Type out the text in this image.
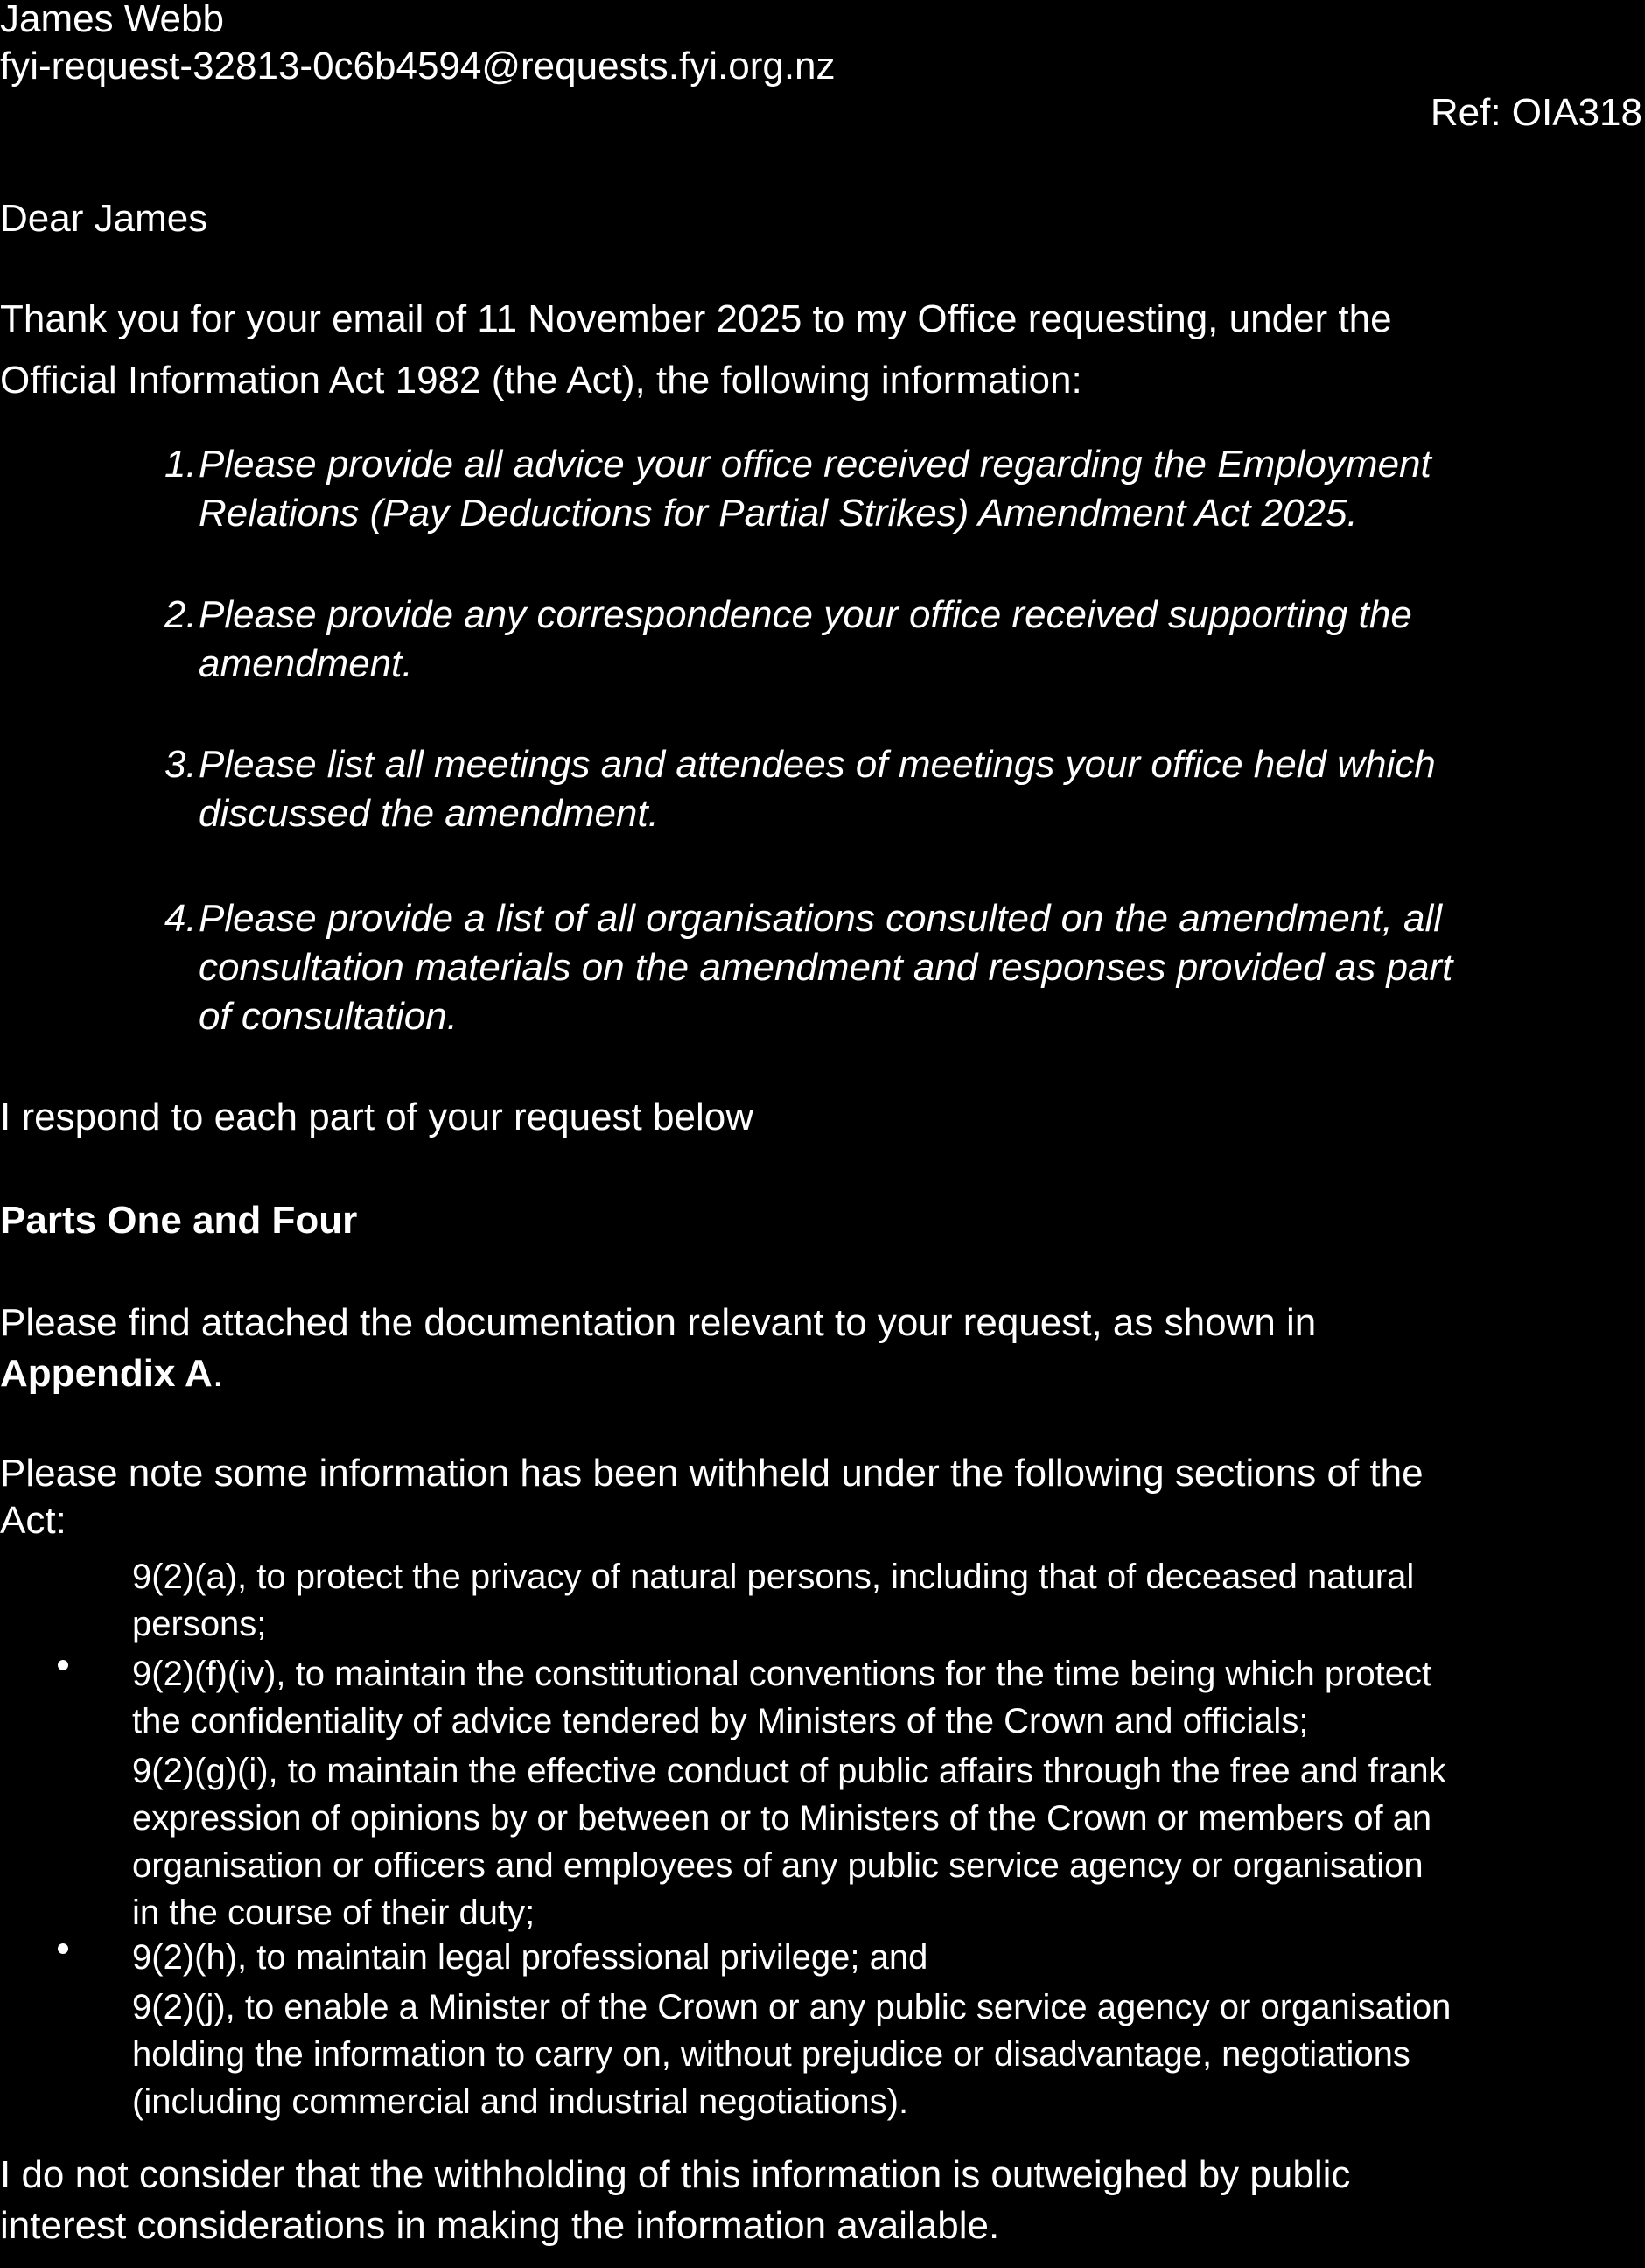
James Webb
fyi-request-32813-0c6b4594@requests.fyi.org.nz
Ref: OIA318
Dear James
Thank you for your email of 11 November 2025 to my Office requesting, under the
Official Information Act 1982 (the Act), the following information:
1. Please provide all advice your office received regarding the Employment
Relations (Pay Deductions for Partial Strikes) Amendment Act 2025.
2. Please provide any correspondence your office received supporting the
amendment.
3. Please list all meetings and attendees of meetings your office held which
discussed the amendment.
4. Please provide a list of all organisations consulted on the amendment, all
consultation materials on the amendment and responses provided as part
of consultation.
I respond to each part of your request below
Parts One and Four
Please find attached the documentation relevant to your request, as shown in
Appendix A.
Please note some information has been withheld under the following sections of the
Act:
9(2)(a), to protect the privacy of natural persons, including that of deceased natural
persons;
9(2)(f)(iv), to maintain the constitutional conventions for the time being which protect
the confidentiality of advice tendered by Ministers of the Crown and officials;
9(2)(g)(i), to maintain the effective conduct of public affairs through the free and frank
expression of opinions by or between or to Ministers of the Crown or members of an
organisation or officers and employees of any public service agency or organisation
in the course of their duty;
9(2)(h), to maintain legal professional privilege; and
9(2)(j), to enable a Minister of the Crown or any public service agency or organisation
holding the information to carry on, without prejudice or disadvantage, negotiations
(including commercial and industrial negotiations).
I do not consider that the withholding of this information is outweighed by public
interest considerations in making the information available.
